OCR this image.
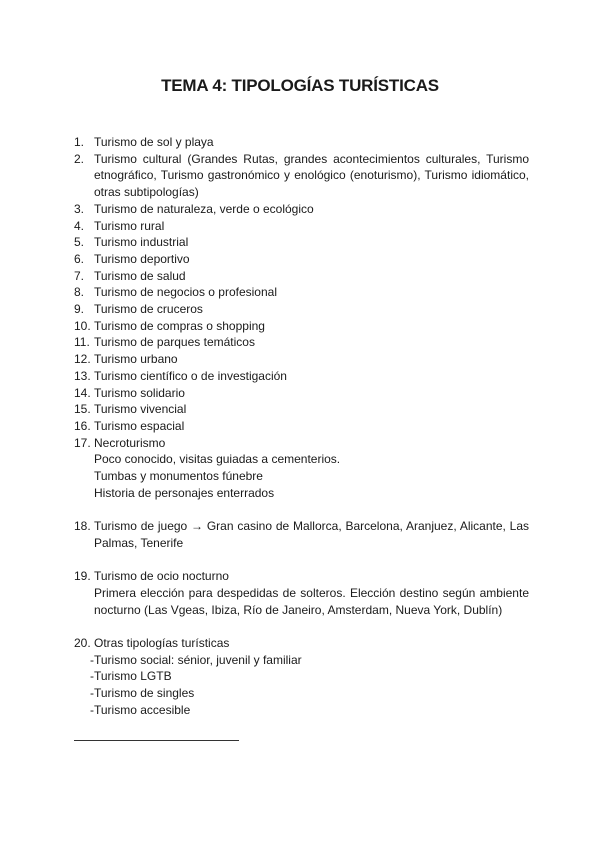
TEMA 4: TIPOLOGÍAS TURÍSTICAS
1. Turismo de sol y playa
2. Turismo cultural (Grandes Rutas, grandes acontecimientos culturales, Turismo etnográfico, Turismo gastronómico y enológico (enoturismo), Turismo idiomático, otras subtipologías)
3. Turismo de naturaleza, verde o ecológico
4. Turismo rural
5. Turismo industrial
6. Turismo deportivo
7. Turismo de salud
8. Turismo de negocios o profesional
9. Turismo de cruceros
10. Turismo de compras o shopping
11. Turismo de parques temáticos
12. Turismo urbano
13. Turismo científico o de investigación
14. Turismo solidario
15. Turismo vivencial
16. Turismo espacial
17. Necroturismo
Poco conocido, visitas guiadas a cementerios.
Tumbas y monumentos fúnebre
Historia de personajes enterrados
18. Turismo de juego → Gran casino de Mallorca, Barcelona, Aranjuez, Alicante, Las Palmas, Tenerife
19. Turismo de ocio nocturno
Primera elección para despedidas de solteros. Elección destino según ambiente nocturno (Las Vgeas, Ibiza, Río de Janeiro, Amsterdam, Nueva York, Dublín)
20. Otras tipologías turísticas
- Turismo social: sénior, juvenil y familiar
- Turismo LGTB
- Turismo de singles
- Turismo accesible
